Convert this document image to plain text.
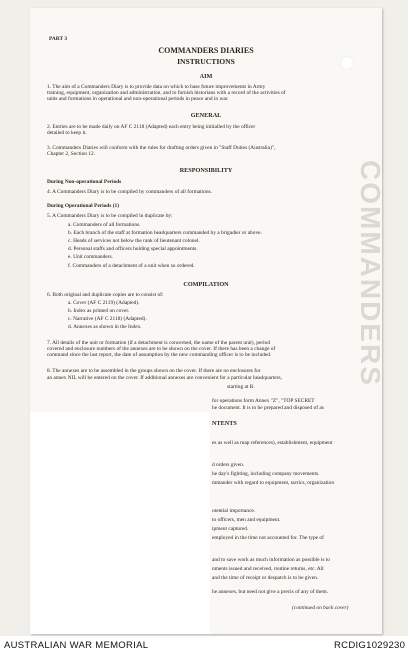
COMMANDERS
PART 3
COMMANDERS DIARIES
INSTRUCTIONS
AIM
1. The aim of a Commanders Diary is to provide data on which to base future improvements in Army
training, equipment, organization and administration, and to furnish historians with a record of the activities of
units and formations in operational and non-operational periods in peace and in war.
GENERAL
2. Entries are to be made daily on AF C 2118 (Adapted) each entry being initialled by the officer
detailed to keep it.
3. Commanders Diaries will conform with the rules for drafting orders given in "Staff Duties (Australia)",
Chapter 2, Section 12.
RESPONSIBILITY
During Non-operational Periods
4. A Commanders Diary is to be compiled by commanders of all formations.
During Operational Periods (1)
5. A Commanders Diary is to be compiled in duplicate by:
a. Commanders of all formations.
b. Each branch of the staff at formation headquarters commanded by a brigadier or above.
c. Heads of services not below the rank of lieutenant colonel.
d. Personal staffs and officers holding special appointments.
e. Unit commanders.
f. Commanders of a detachment of a unit when so ordered.
COMPILATION
6. Both original and duplicate copies are to consist of:
a. Cover (AF C 2119) (Adapted).
b. Index as printed on cover.
c. Narrative (AF C 2118) (Adapted).
d. Annexes as shown in the Index.
7. All details of the unit or formation (if a detachment is concerned, the name of the parent unit), period
covered and enclosure numbers of the annexes are to be shown on the cover. If there has been a change of
command since the last report, the date of assumption by the new commanding officer is to be included.
8. The annexes are to be assembled in the groups shown on the cover. If there are no enclosures for
an annex NIL will be entered on the cover. If additional annexes are convenient for a particular headquarters,
starting at B.
for operations form Annex "Z", "TOP SECRET
he document. It is to be prepared and disposed of as
NTENTS
es as well as map references), establishment, equipment
d orders given.
he day's fighting, including company movements.
mmander with regard to equipment, tactics, organization
otential importance.
to officers, men and equipment.
ipment captured.
employed in the time not accounted for. The type of
and to save work as much information as possible is to
nments issued and received, routine returns, etc. All
and the time of receipt or despatch is to be given.
he annexes, but need not give a precis of any of them.
(continued on back cover)
AUSTRALIAN WAR MEMORIAL	RCDIG1029230
